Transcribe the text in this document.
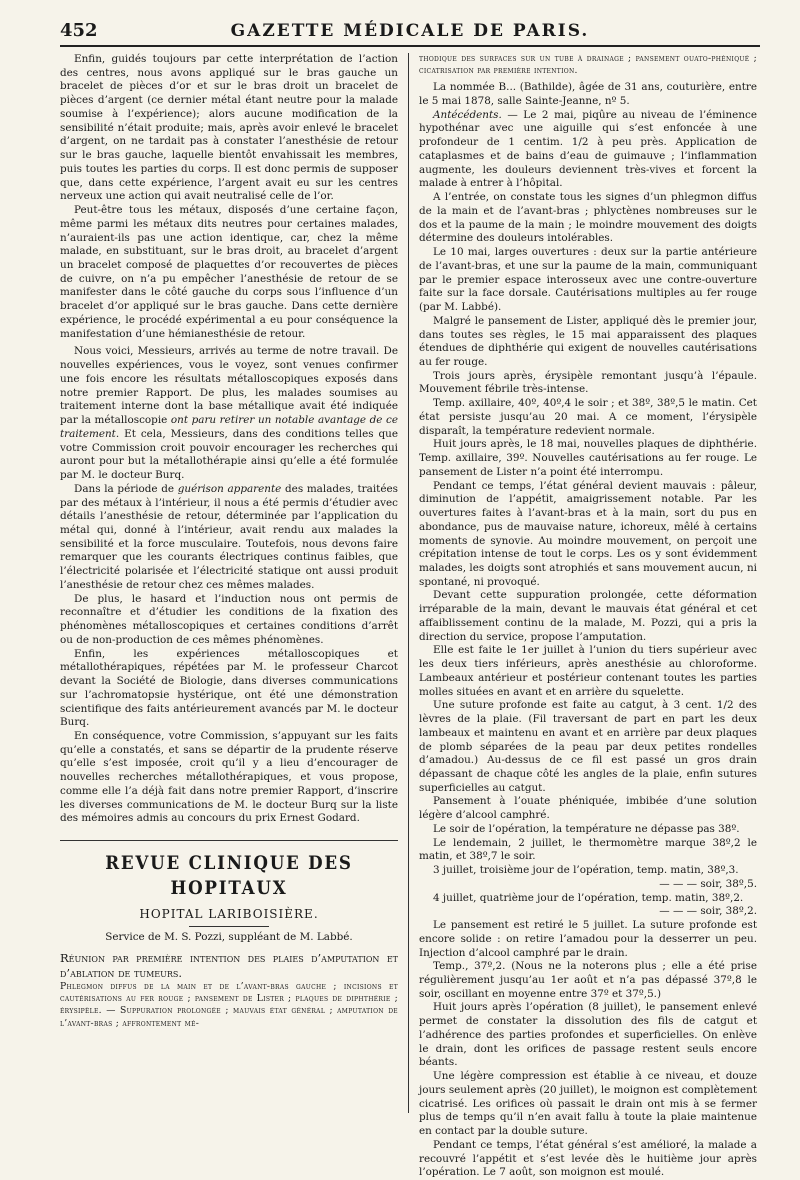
452	GAZETTE MÉDICALE DE PARIS.

Enfin, guidés toujours par cette interprétation de l’action des centres, nous avons appliqué sur le bras gauche un bracelet de pièces d’or et sur le bras droit un bracelet de pièces d’argent (ce dernier métal étant neutre pour la malade soumise à l’expérience); alors aucune modification de la sensibilité n’était produite; mais, après avoir enlevé le bracelet d’argent, on ne tardait pas à constater l’anesthésie de retour sur le bras gauche, laquelle bientôt envahissait les membres, puis toutes les parties du corps. Il est donc permis de supposer que, dans cette expérience, l’argent avait eu sur les centres nerveux une action qui avait neutralisé celle de l’or.

Peut-être tous les métaux, disposés d’une certaine façon, même parmi les métaux dits neutres pour certaines malades, n’auraient-ils pas une action identique, car, chez la même malade, en substituant, sur le bras droit, au bracelet d’argent un bracelet composé de plaquettes d’or recouvertes de pièces de cuivre, on n’a pu empêcher l’anesthésie de retour de se manifester dans le côté gauche du corps sous l’influence d’un bracelet d’or appliqué sur le bras gauche. Dans cette dernière expérience, le procédé expérimental a eu pour conséquence la manifestation d’une hémianesthésie de retour.

Nous voici, Messieurs, arrivés au terme de notre travail. De nouvelles expériences, vous le voyez, sont venues confirmer une fois encore les résultats métalloscopiques exposés dans notre premier Rapport. De plus, les malades soumises au traitement interne dont la base métallique avait été indiquée par la métalloscopie ont paru retirer un notable avantage de ce traitement. Et cela, Messieurs, dans des conditions telles que votre Commission croit pouvoir encourager les recherches qui auront pour but la métallothérapie ainsi qu’elle a été formulée par M. le docteur Burq.

Dans la période de guérison apparente des malades, traitées par des métaux à l’intérieur, il nous a été permis d’étudier avec détails l’anesthésie de retour, déterminée par l’application du métal qui, donné à l’intérieur, avait rendu aux malades la sensibilité et la force musculaire. Toutefois, nous devons faire remarquer que les courants électriques continus faibles, que l’électricité polarisée et l’électricité statique ont aussi produit l’anesthésie de retour chez ces mêmes malades.

De plus, le hasard et l’induction nous ont permis de reconnaître et d’étudier les conditions de la fixation des phénomènes métalloscopiques et certaines conditions d’arrêt ou de non-production de ces mêmes phénomènes.

Enfin, les expériences métalloscopiques et métallothérapiques, répétées par M. le professeur Charcot devant la Société de Biologie, dans diverses communications sur l’achromatopsie hystérique, ont été une démonstration scientifique des faits antérieurement avancés par M. le docteur Burq.

En conséquence, votre Commission, s’appuyant sur les faits qu’elle a constatés, et sans se départir de la prudente réserve qu’elle s’est imposée, croit qu’il y a lieu d’encourager de nouvelles recherches métallothérapiques, et vous propose, comme elle l’a déjà fait dans notre premier Rapport, d’inscrire les diverses communications de M. le docteur Burq sur la liste des mémoires admis au concours du prix Ernest Godard.

REVUE CLINIQUE DES HOPITAUX
HOPITAL LARIBOISIÈRE.
Service de M. S. Pozzi, suppléant de M. Labbé.

Réunion par première intention des plaies d’amputation et d’ablation de tumeurs.

Phlegmon diffus de la main et de l’avant-bras gauche ; incisions et cautérisations au fer rouge ; pansement de Lister ; plaques de diphthérie ; érysipèle. — Suppuration prolongée ; mauvais état général ; amputation de l’avant-bras ; affrontement mé-

thodique des surfaces sur un tube à drainage ; pansement ouato-phéniqué ; cicatrisation par première intention.

La nommée B... (Bathilde), âgée de 31 ans, couturière, entre le 5 mai 1878, salle Sainte-Jeanne, nº 5.

Antécédents. — Le 2 mai, piqûre au niveau de l’éminence hypothénar avec une aiguille qui s’est enfoncée à une profondeur de 1 centim. 1/2 à peu près. Application de cataplasmes et de bains d’eau de guimauve ; l’inflammation augmente, les douleurs deviennent très-vives et forcent la malade à entrer à l’hôpital.

A l’entrée, on constate tous les signes d’un phlegmon diffus de la main et de l’avant-bras ; phlyctènes nombreuses sur le dos et la paume de la main ; le moindre mouvement des doigts détermine des douleurs intolérables.

Le 10 mai, larges ouvertures : deux sur la partie antérieure de l’avant-bras, et une sur la paume de la main, communiquant par le premier espace interosseux avec une contre-ouverture faite sur la face dorsale. Cautérisations multiples au fer rouge (par M. Labbé).

Malgré le pansement de Lister, appliqué dès le premier jour, dans toutes ses règles, le 15 mai apparaissent des plaques étendues de diphthérie qui exigent de nouvelles cautérisations au fer rouge.

Trois jours après, érysipèle remontant jusqu’à l’épaule. Mouvement fébrile très-intense.

Temp. axillaire, 40º, 40º,4 le soir ; et 38º, 38º,5 le matin. Cet état persiste jusqu’au 20 mai. A ce moment, l’érysipèle disparaît, la température redevient normale.

Huit jours après, le 18 mai, nouvelles plaques de diphthérie. Temp. axillaire, 39º. Nouvelles cautérisations au fer rouge. Le pansement de Lister n’a point été interrompu.

Pendant ce temps, l’état général devient mauvais : pâleur, diminution de l’appétit, amaigrissement notable. Par les ouvertures faites à l’avant-bras et à la main, sort du pus en abondance, pus de mauvaise nature, ichoreux, mêlé à certains moments de synovie. Au moindre mouvement, on perçoit une crépitation intense de tout le corps. Les os y sont évidemment malades, les doigts sont atrophiés et sans mouvement aucun, ni spontané, ni provoqué.

Devant cette suppuration prolongée, cette déformation irréparable de la main, devant le mauvais état général et cet affaiblissement continu de la malade, M. Pozzi, qui a pris la direction du service, propose l’amputation.

Elle est faite le 1er juillet à l’union du tiers supérieur avec les deux tiers inférieurs, après anesthésie au chloroforme. Lambeaux antérieur et postérieur contenant toutes les parties molles situées en avant et en arrière du squelette.

Une suture profonde est faite au catgut, à 3 cent. 1/2 des lèvres de la plaie. (Fil traversant de part en part les deux lambeaux et maintenu en avant et en arrière par deux plaques de plomb séparées de la peau par deux petites rondelles d’amadou.) Au-dessus de ce fil est passé un gros drain dépassant de chaque côté les angles de la plaie, enfin sutures superficielles au catgut.

Pansement à l’ouate phéniquée, imbibée d’une solution légère d’alcool camphré.

Le soir de l’opération, la température ne dépasse pas 38º.

Le lendemain, 2 juillet, le thermomètre marque 38º,2 le matin, et 38º,7 le soir.

3 juillet, troisième jour de l’opération, temp. matin, 38º,3.

— — — soir, 38º,5.

4 juillet, quatrième jour de l’opération, temp. matin, 38º,2.

— — — soir, 38º,2.

Le pansement est retiré le 5 juillet. La suture profonde est encore solide : on retire l’amadou pour la desserrer un peu. Injection d’alcool camphré par le drain.

Temp., 37º,2. (Nous ne la noterons plus ; elle a été prise régulièrement jusqu’au 1er août et n’a pas dépassé 37º,8 le soir, oscillant en moyenne entre 37º et 37º,5.)

Huit jours après l’opération (8 juillet), le pansement enlevé permet de constater la dissolution des fils de catgut et l’adhérence des parties profondes et superficielles. On enlève le drain, dont les orifices de passage restent seuls encore béants.

Une légère compression est établie à ce niveau, et douze jours seulement après (20 juillet), le moignon est complètement cicatrisé. Les orifices où passait le drain ont mis à se fermer plus de temps qu’il n’en avait fallu à toute la plaie maintenue en contact par la double suture.

Pendant ce temps, l’état général s’est amélioré, la malade a recouvré l’appétit et s’est levée dès le huitième jour après l’opération. Le 7 août, son moignon est moulé.
